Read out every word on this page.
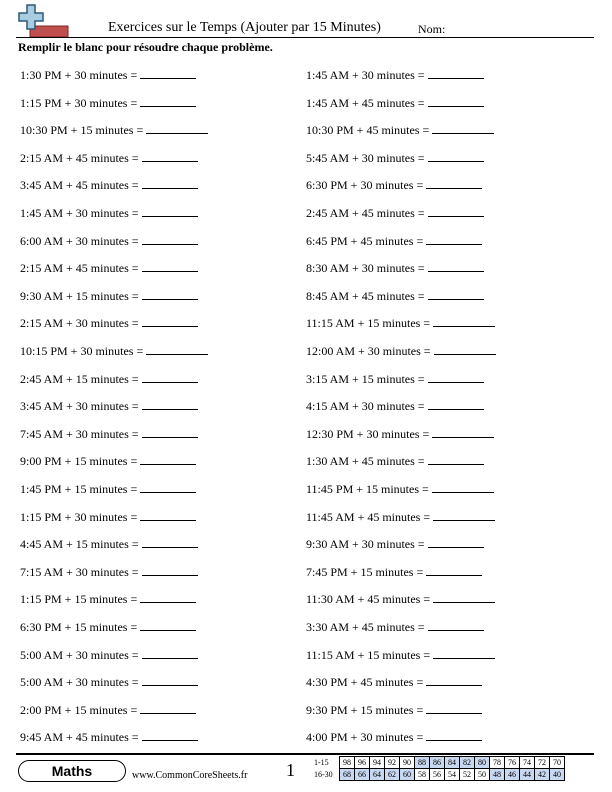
Exercices sur le Temps (Ajouter par 15 Minutes)	Nom:
Remplir le blanc pour résoudre chaque problème.
1:30 PM + 30 minutes =
1:15 PM + 30 minutes =
10:30 PM + 15 minutes =
2:15 AM + 45 minutes =
3:45 AM + 45 minutes =
1:45 AM + 30 minutes =
6:00 AM + 30 minutes =
2:15 AM + 45 minutes =
9:30 AM + 15 minutes =
2:15 AM + 30 minutes =
10:15 PM + 30 minutes =
2:45 AM + 15 minutes =
3:45 AM + 30 minutes =
7:45 AM + 30 minutes =
9:00 PM + 15 minutes =
1:45 PM + 15 minutes =
1:15 PM + 30 minutes =
4:45 AM + 15 minutes =
7:15 AM + 30 minutes =
1:15 PM + 15 minutes =
6:30 PM + 15 minutes =
5:00 AM + 30 minutes =
5:00 AM + 30 minutes =
2:00 PM + 15 minutes =
9:45 AM + 45 minutes =
1:45 AM + 30 minutes =
1:45 AM + 45 minutes =
10:30 PM + 45 minutes =
5:45 AM + 30 minutes =
6:30 PM + 30 minutes =
2:45 AM + 45 minutes =
6:45 PM + 45 minutes =
8:30 AM + 30 minutes =
8:45 AM + 45 minutes =
11:15 AM + 15 minutes =
12:00 AM + 30 minutes =
3:15 AM + 15 minutes =
4:15 AM + 30 minutes =
12:30 PM + 30 minutes =
1:30 AM + 45 minutes =
11:45 PM + 15 minutes =
11:45 AM + 45 minutes =
9:30 AM + 30 minutes =
7:45 PM + 15 minutes =
11:30 AM + 45 minutes =
3:30 AM + 45 minutes =
11:15 AM + 15 minutes =
4:30 PM + 45 minutes =
9:30 PM + 15 minutes =
4:00 PM + 30 minutes =
Maths	www.CommonCoreSheets.fr 1 1-15
16-30
98	96	94	92	90	88	86	84	82	80	78	76	74	72	70
68	66	64	62	60	58	56	54	52	50	48	46	44	42	40
